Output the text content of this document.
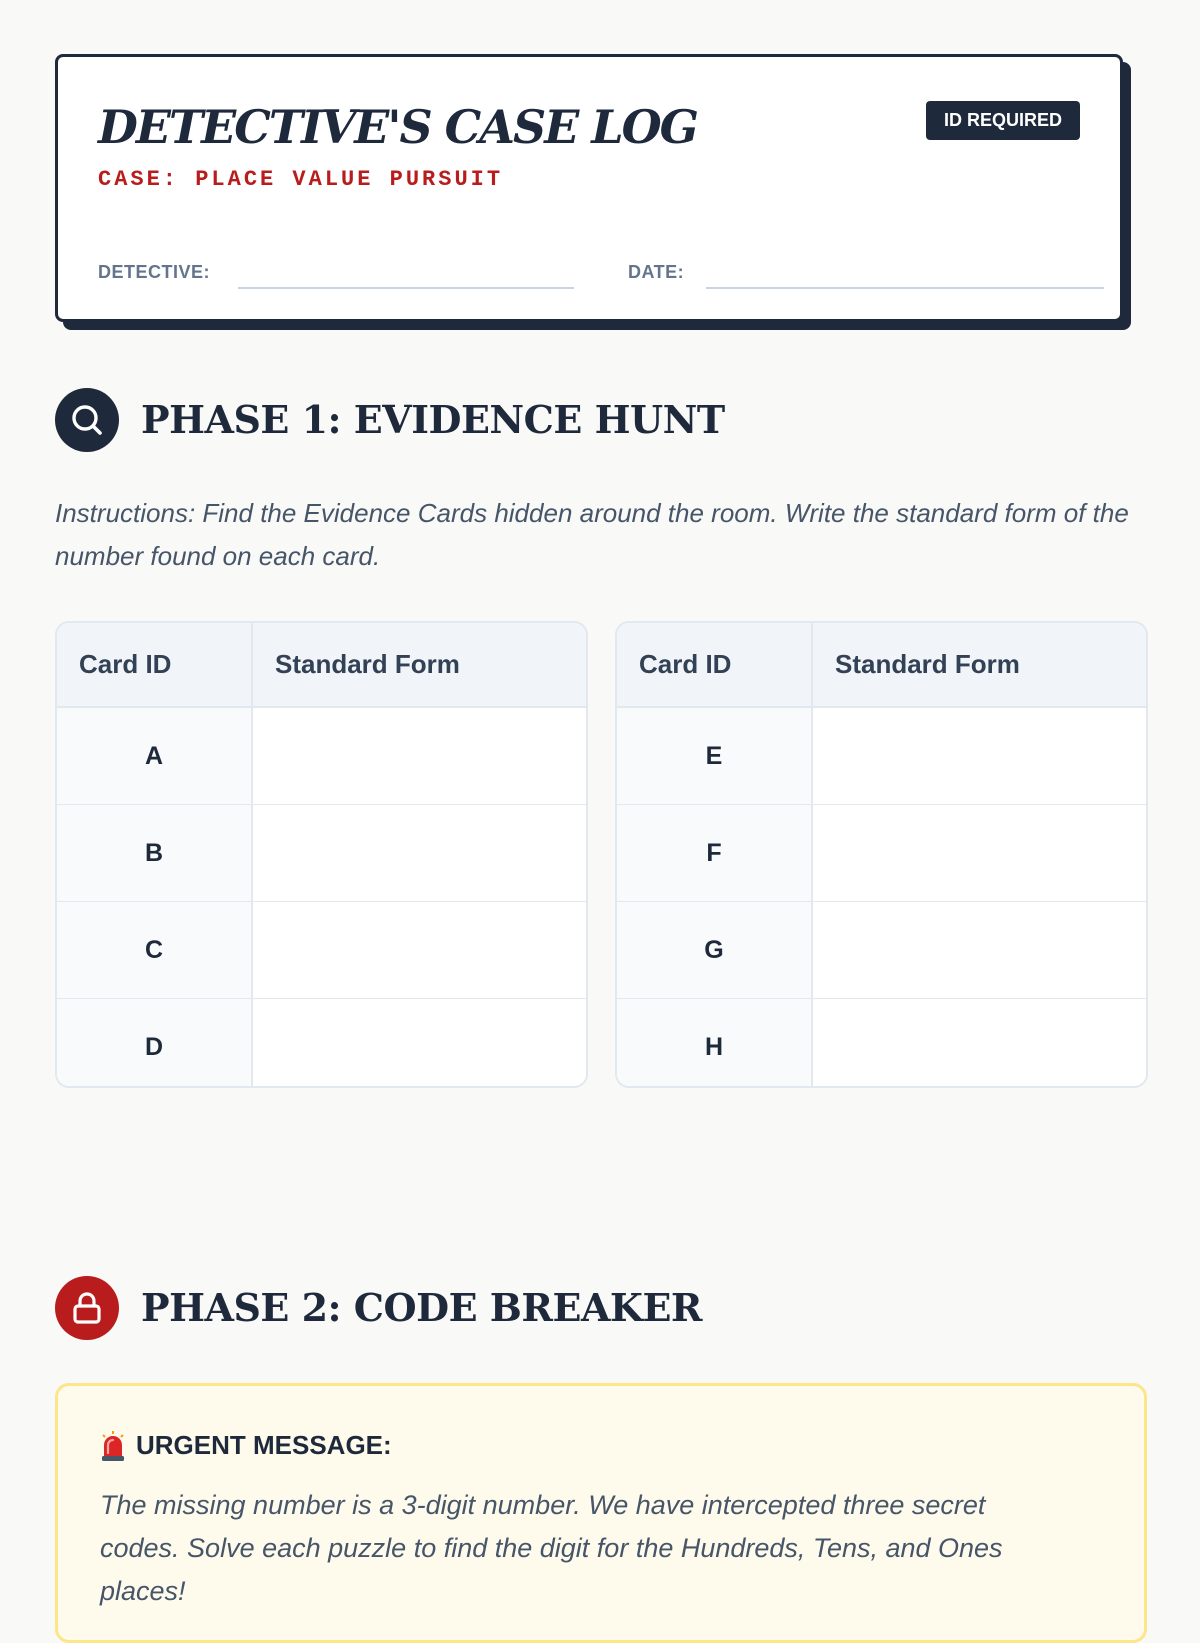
DETECTIVE'S CASE LOG
CASE: PLACE VALUE PURSUIT
ID REQUIRED
DETECTIVE:	DATE:
PHASE 1: EVIDENCE HUNT

Instructions: Find the Evidence Cards hidden around the room. Write the standard form of the number found on each card.

Card ID	Standard Form
A	
B	
C	
D	
Card ID	Standard Form
E	
F	
G	
H	
PHASE 2: CODE BREAKER
URGENT MESSAGE:

The missing number is a 3-digit number. We have intercepted three secret codes. Solve each puzzle to find the digit for the Hundreds, Tens, and Ones places!
